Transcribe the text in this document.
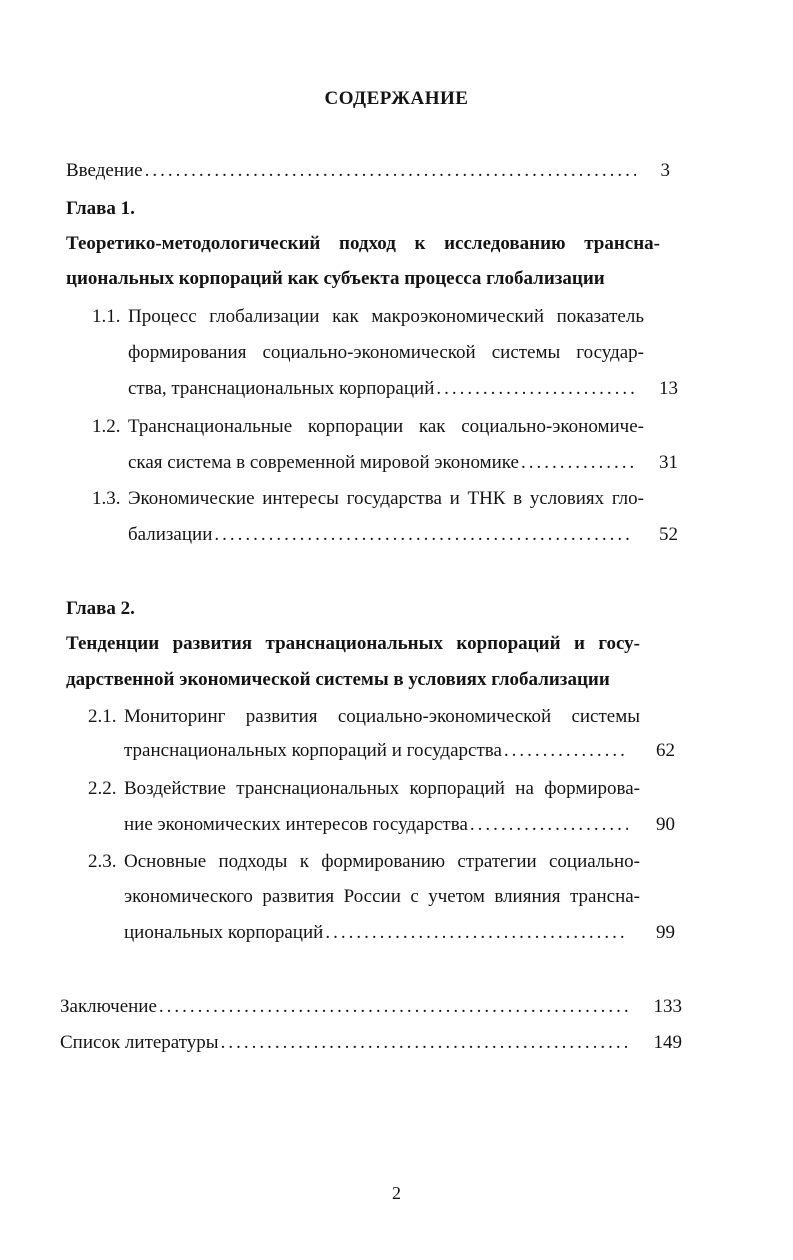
СОДЕРЖАНИЕ
Введение .....	3
Глава 1.
Теоретико-методологический подход к исследованию трансна-
циональных корпораций как субъекта процесса глобализации
1.1. Процесс глобализации как макроэкономический показатель
формирования социально-экономической системы государ-
ства, транснациональных корпораций .....	13
1.2. Транснациональные корпорации как социально-экономиче-
ская система в современной мировой экономике .....	31
1.3. Экономические интересы государства и ТНК в условиях гло-
бализации .....	52
Глава 2.
Тенденции развития транснациональных корпораций и госу-
дарственной экономической системы в условиях глобализации
2.1. Мониторинг развития социально-экономической системы
транснациональных корпораций и государства .....	62
2.2. Воздействие транснациональных корпораций на формирова-
ние экономических интересов государства .....	90
2.3. Основные подходы к формированию стратегии социально-
экономического развития России с учетом влияния трансна-
циональных корпораций .....	99
Заключение .....	133
Список литературы .....	149
2
